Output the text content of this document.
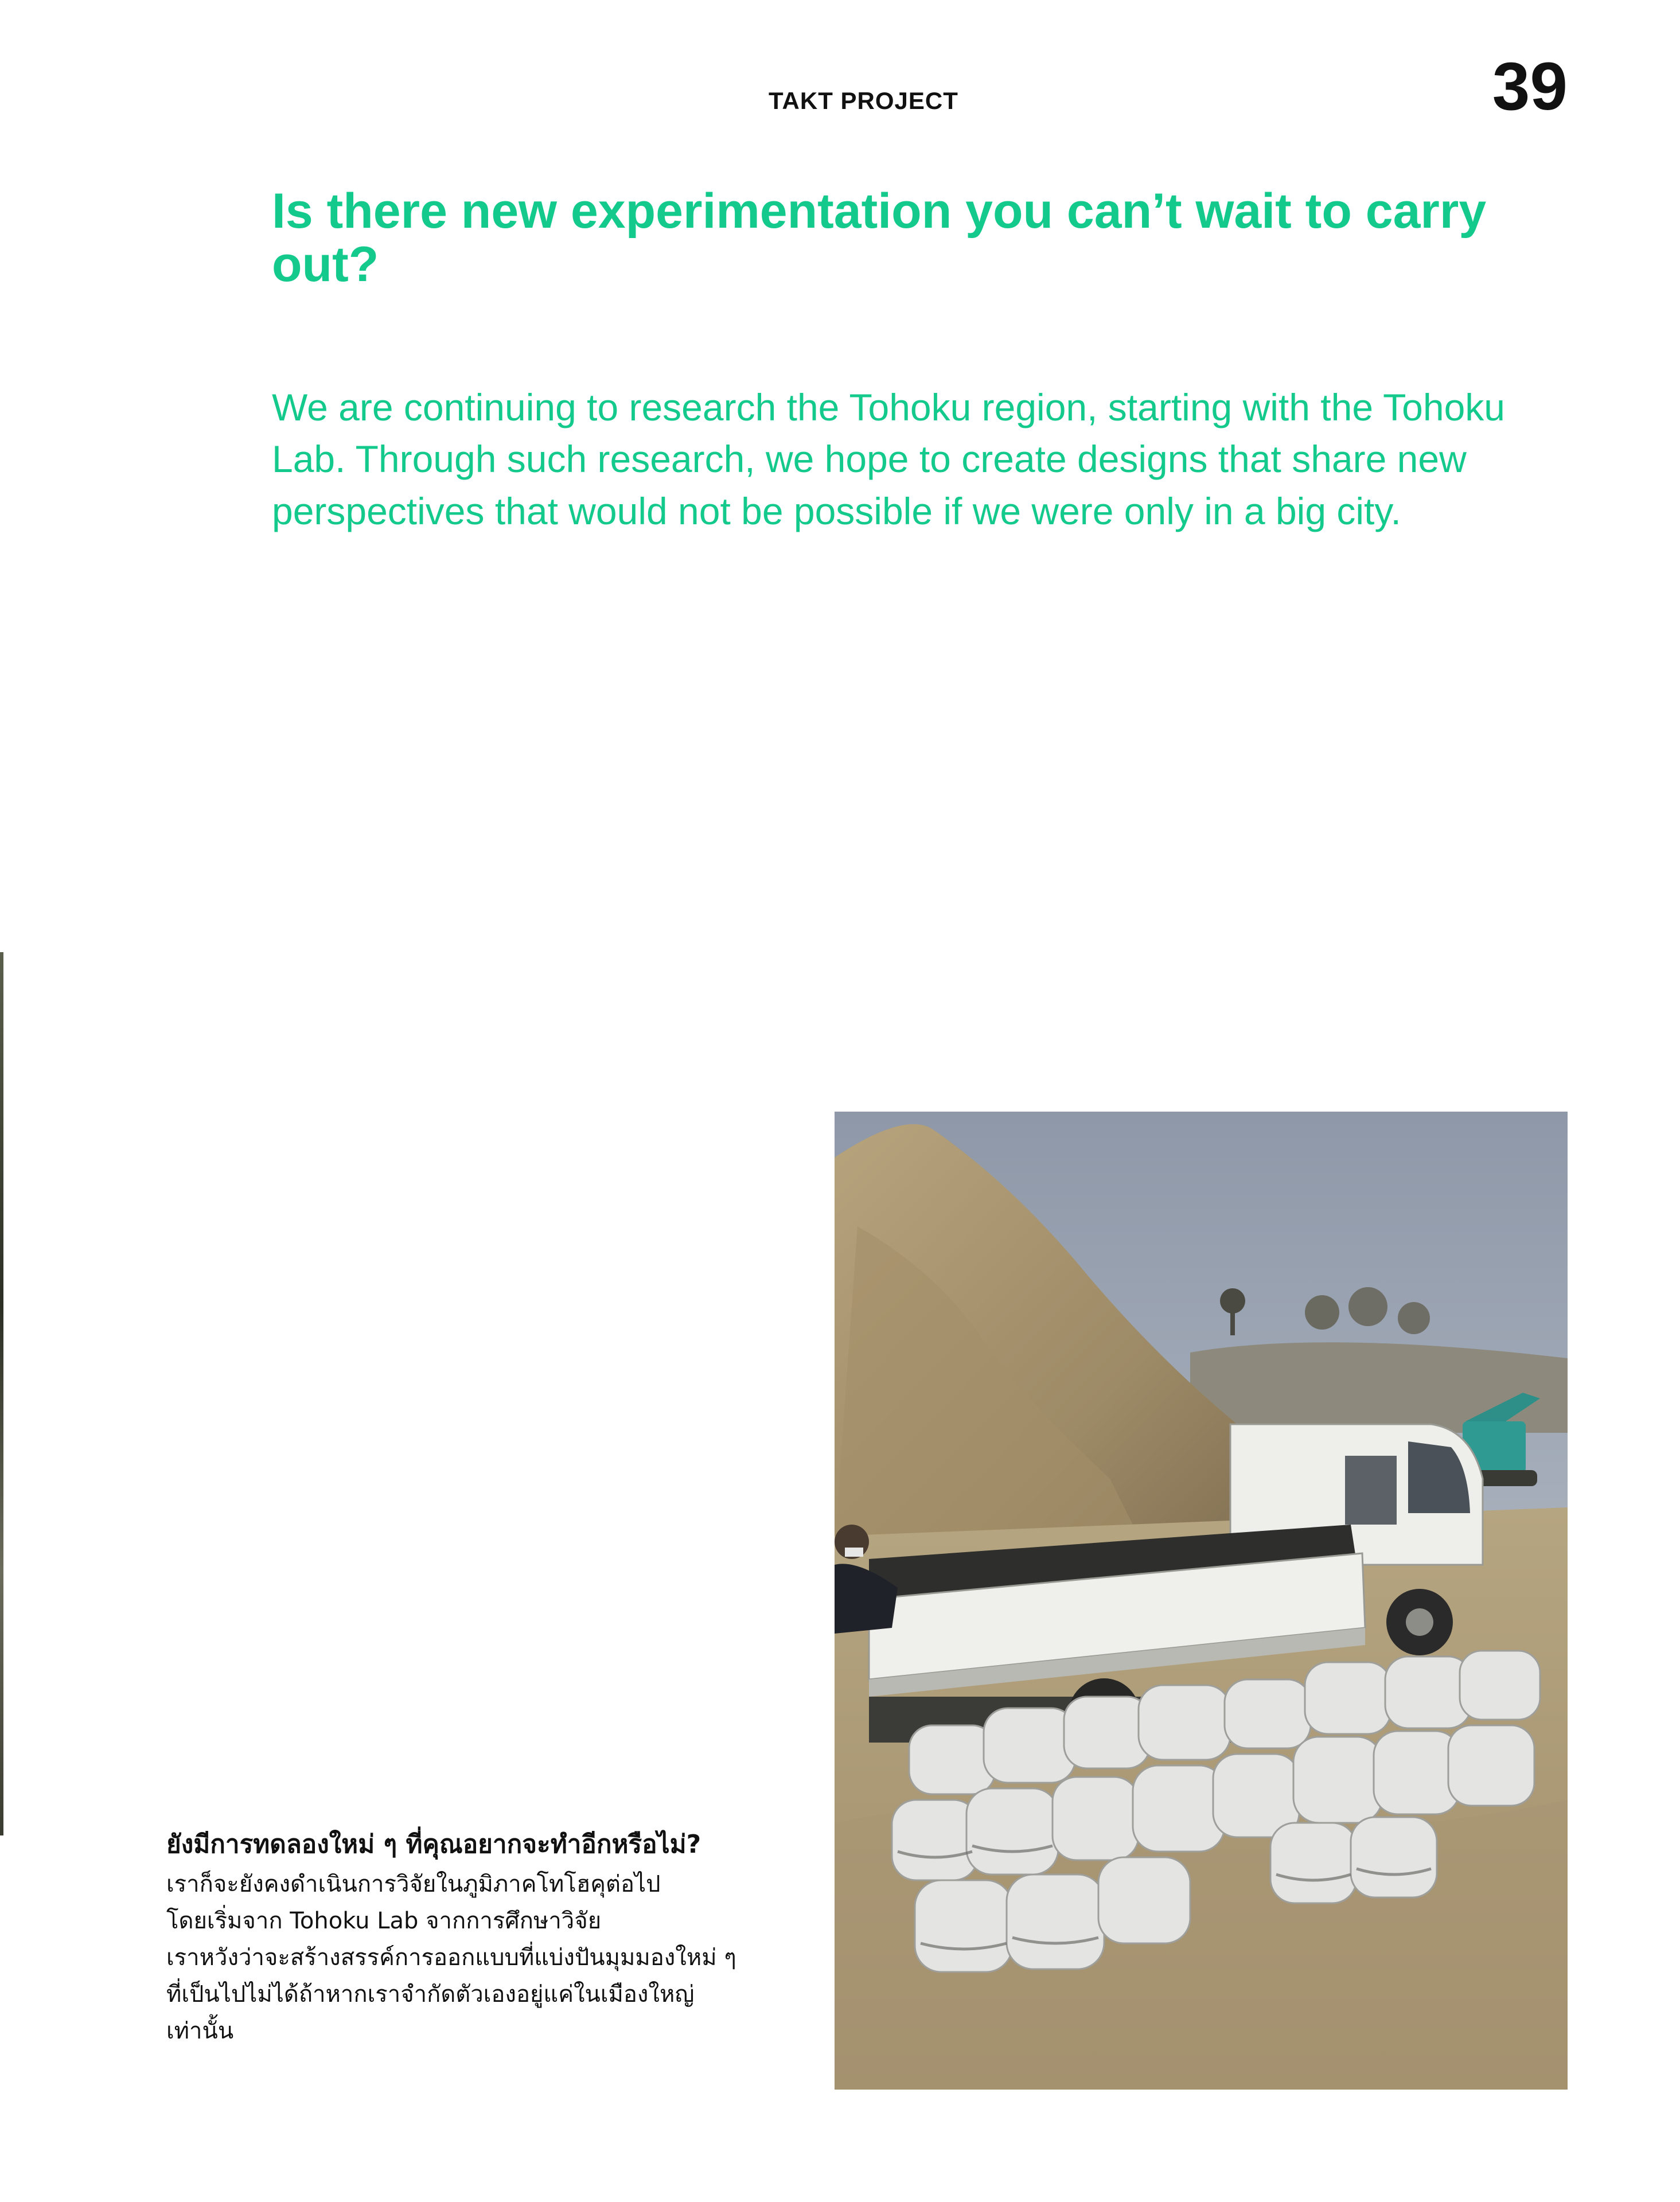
TAKT PROJECT	39
Is there new experimentation you can’t wait to carry out?

We are continuing to research the Tohoku region, starting with the Tohoku Lab. Through such research, we hope to create designs that share new perspectives that would not be possible if we were only in a big city.

ยังมีการทดลองใหม่ ๆ ที่คุณอยากจะทำอีกหรือไม่?

เราก็จะยังคงดำเนินการวิจัยในภูมิภาคโทโฮคุต่อไป
โดยเริ่มจาก Tohoku Lab จากการศึกษาวิจัย
เราหวังว่าจะสร้างสรรค์การออกแบบที่แบ่งปันมุมมองใหม่ ๆ
ที่เป็นไปไม่ได้ถ้าหากเราจำกัดตัวเองอยู่แค่ในเมืองใหญ่
เท่านั้น
